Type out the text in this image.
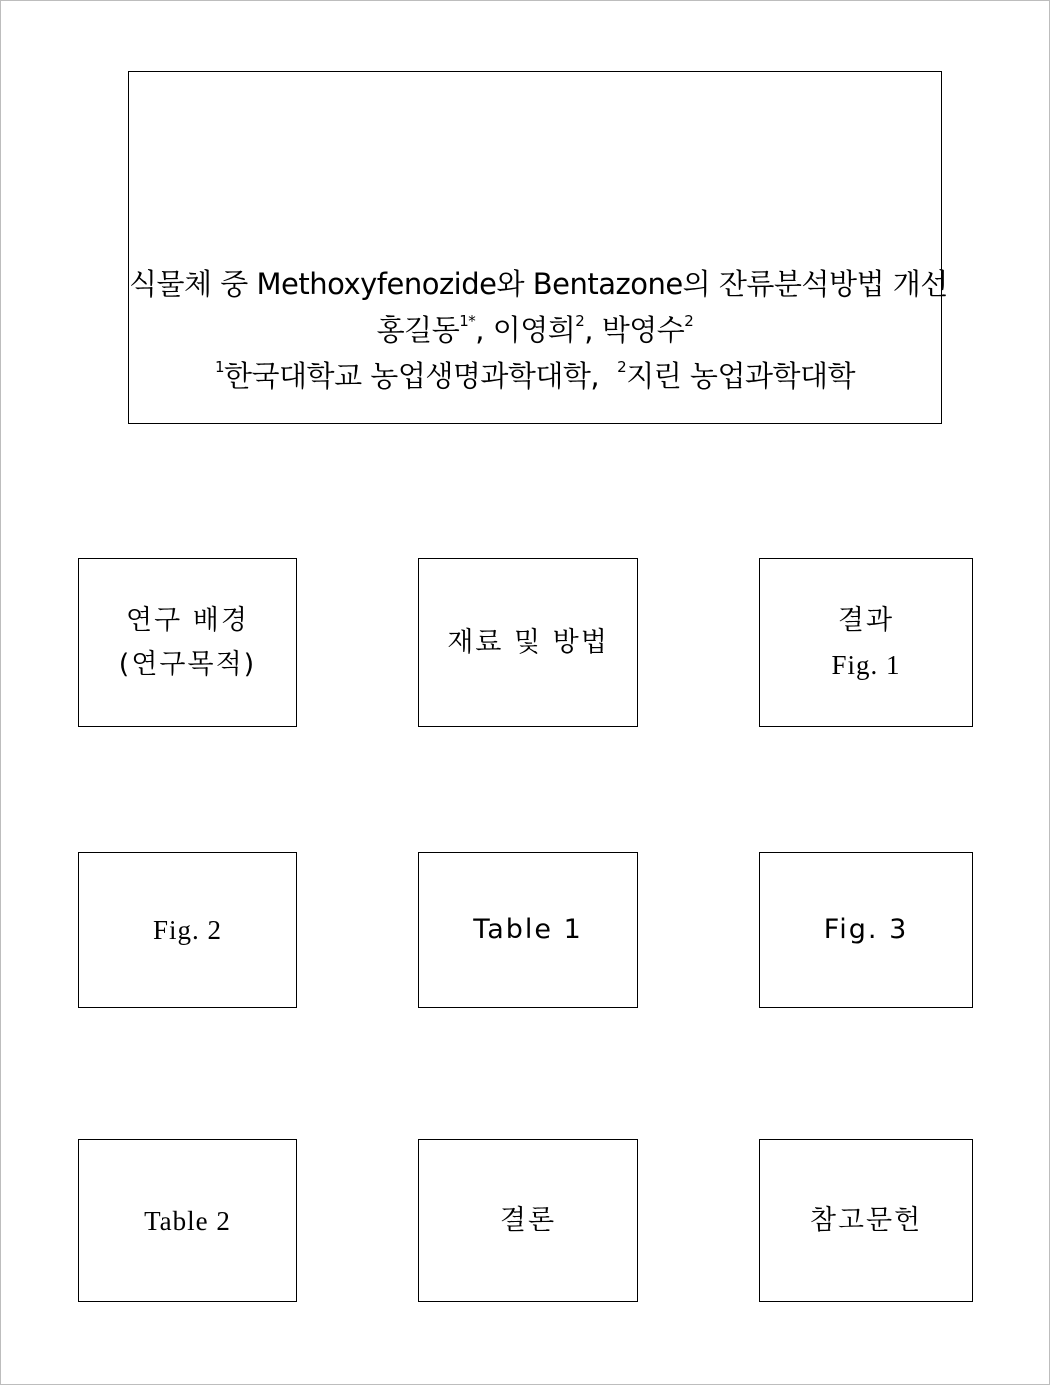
식물체 중 Methoxyfenozide와 Bentazone의 잔류분석방법 개선
홍길동$^{1*}$, 이영희$^2$, 박영수$^2$
$^1$한국대학교 농업생명과학대학, $^2$지린 농업과학대학
연구 배경
(연구목적)
재료 및 방법
결과
Fig. 1
Fig. 2	Table 1	Fig. 3
Table 2	결론	참고문헌
